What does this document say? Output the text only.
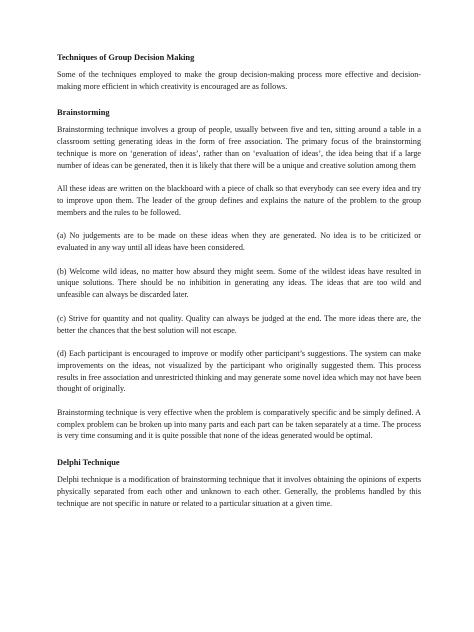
Techniques of Group Decision Making

Some of the techniques employed to make the group decision-making process more effective and decision-making more efficient in which creativity is encouraged are as follows.

Brainstorming

Brainstorming technique involves a group of people, usually between five and ten, sitting around a table in a classroom setting generating ideas in the form of free association. The primary focus of the brainstorming technique is more on ‘generation of ideas’, rather than on ‘evaluation of ideas’, the idea being that if a large number of ideas can be generated, then it is likely that there will be a unique and creative solution among them

All these ideas are written on the blackboard with a piece of chalk so that everybody can see every idea and try to improve upon them. The leader of the group defines and explains the nature of the problem to the group members and the rules to be followed.

(a) No judgements are to be made on these ideas when they are generated. No idea is to be criticized or evaluated in any way until all ideas have been considered.

(b) Welcome wild ideas, no matter how absurd they might seem. Some of the wildest ideas have resulted in unique solutions. There should be no inhibition in generating any ideas. The ideas that are too wild and unfeasible can always be discarded later.

(c) Strive for quantity and not quality. Quality can always be judged at the end. The more ideas there are, the better the chances that the best solution will not escape.

(d) Each participant is encouraged to improve or modify other participant’s suggestions. The system can make improvements on the ideas, not visualized by the participant who originally suggested them. This process results in free association and unrestricted thinking and may generate some novel idea which may not have been thought of originally.

Brainstorming technique is very effective when the problem is comparatively specific and be simply defined. A complex problem can be broken up into many parts and each part can be taken separately at a time. The process is very time consuming and it is quite possible that none of the ideas generated would be optimal.

Delphi Technique

Delphi technique is a modification of brainstorming technique that it involves obtaining the opinions of experts physically separated from each other and unknown to each other. Generally, the problems handled by this technique are not specific in nature or related to a particular situation at a given time.
